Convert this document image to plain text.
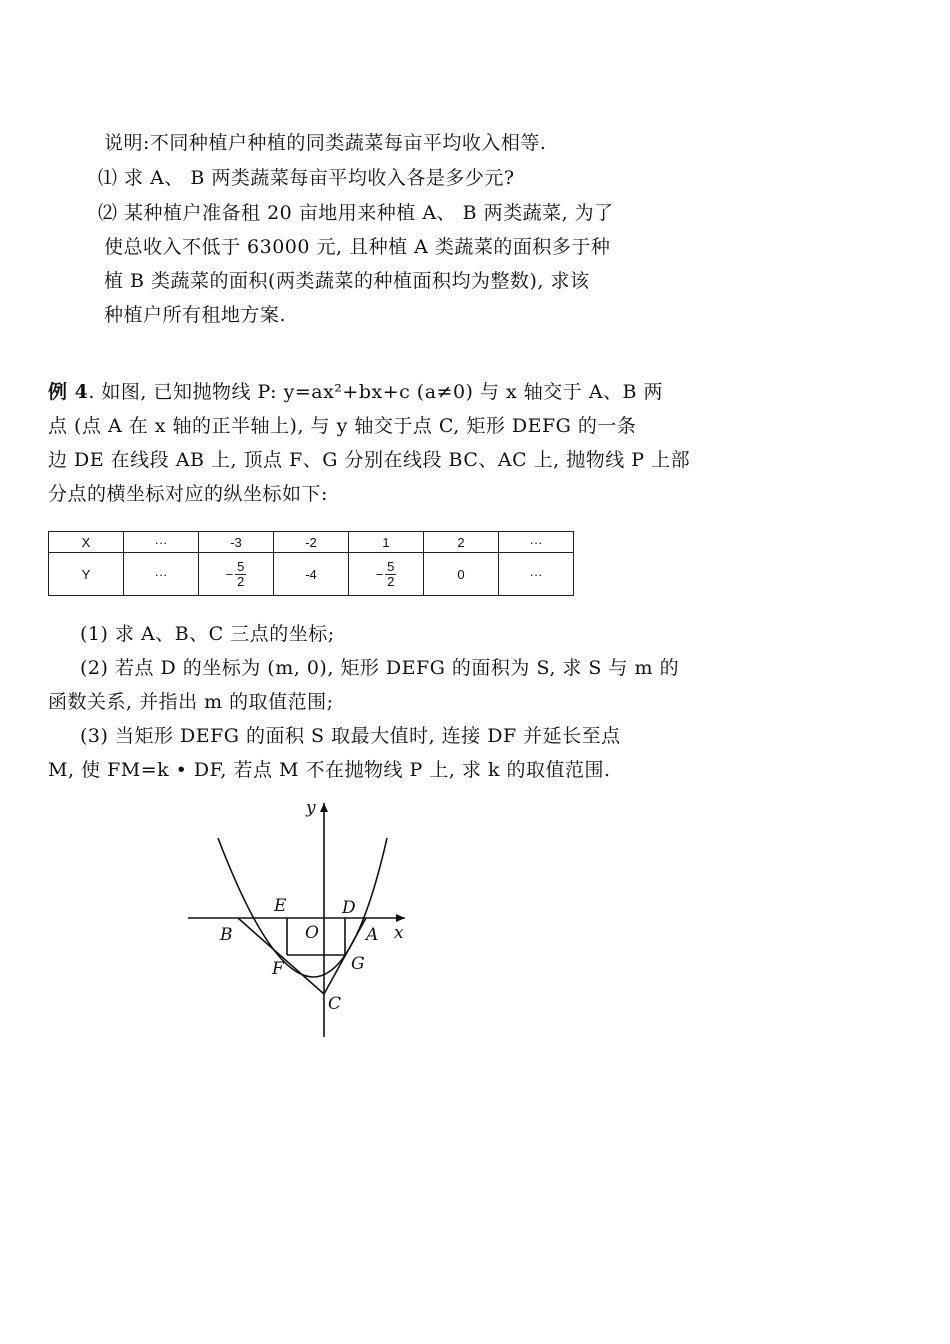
说明:不同种植户种植的同类蔬菜每亩平均收入相等.
⑴ 求 A、 B 两类蔬菜每亩平均收入各是多少元?
⑵ 某种植户准备租 20 亩地用来种植 A、 B 两类蔬菜, 为了
使总收入不低于 63000 元, 且种植 A 类蔬菜的面积多于种
植 B 类蔬菜的面积(两类蔬菜的种植面积均为整数), 求该
种植户所有租地方案.
例 4. 如图, 已知抛物线 P: y=ax²+bx+c (a≠0) 与 x 轴交于 A、B 两
点 (点 A 在 x 轴的正半轴上), 与 y 轴交于点 C, 矩形 DEFG 的一条
边 DE 在线段 AB 上, 顶点 F、G 分别在线段 BC、AC 上, 抛物线 P 上部
分点的横坐标对应的纵坐标如下:
X	···	-3	-2	1	2	···
Y	···	− $\frac{5}{2}$	-4	− $\frac{5}{2}$	0	···
(1) 求 A、B、C 三点的坐标;
(2) 若点 D 的坐标为 (m, 0), 矩形 DEFG 的面积为 S, 求 S 与 m 的
函数关系, 并指出 m 的取值范围;
(3) 当矩形 DEFG 的面积 S 取最大值时, 连接 DF 并延长至点
M, 使 FM=k • DF, 若点 M 不在抛物线 P 上, 求 k 的取值范围.
y
x
E	D
O	A
B
F	G
C
